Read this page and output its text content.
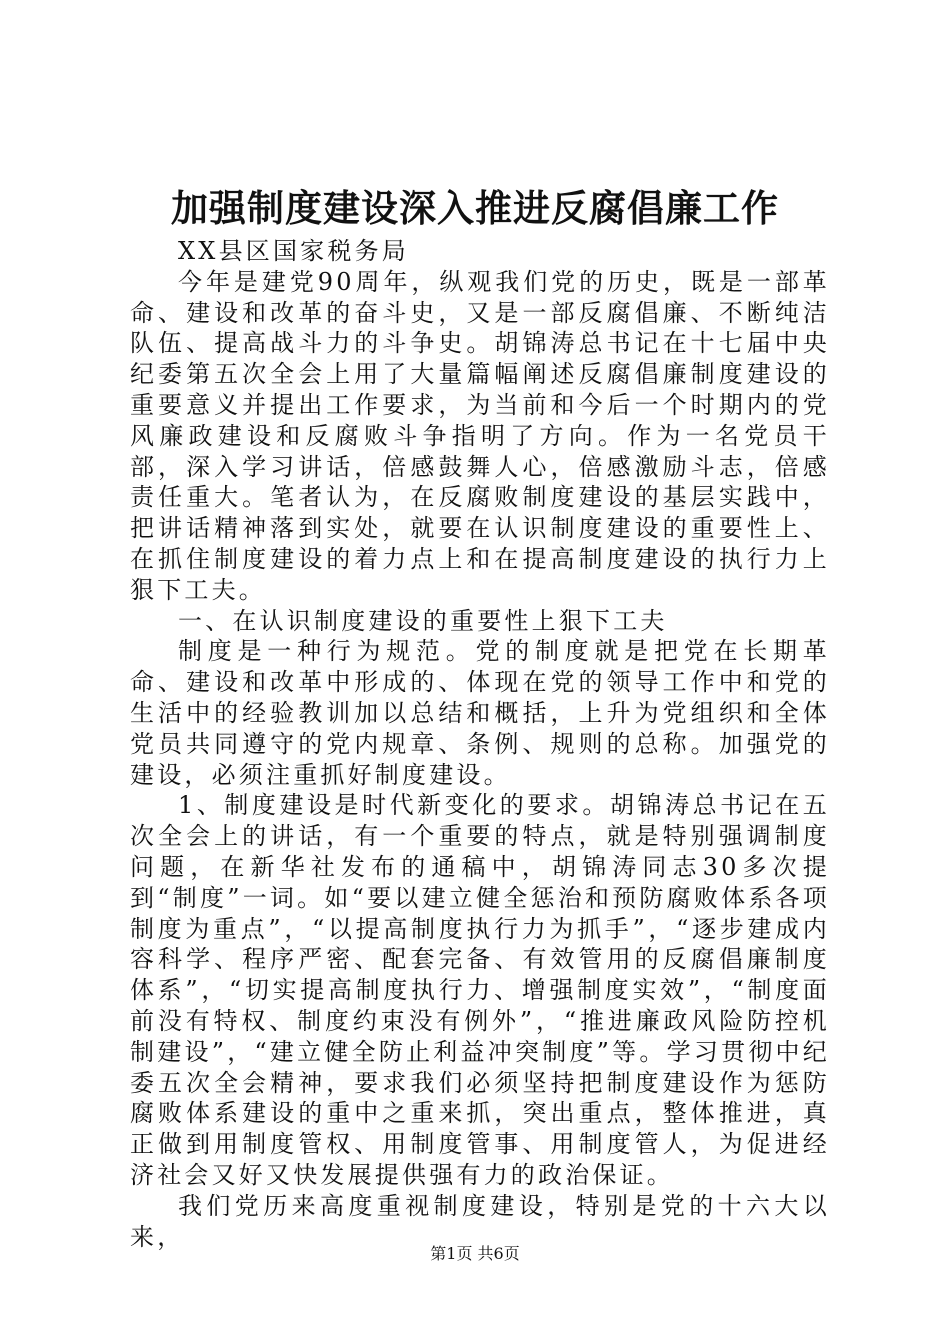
加强制度建设深入推进反腐倡廉工作

XX县区国家税务局

今年是建党90周年，纵观我们党的历史，既是一部革命、建设和改革的奋斗史，又是一部反腐倡廉、不断纯洁队伍、提高战斗力的斗争史。胡锦涛总书记在十七届中央纪委第五次全会上用了大量篇幅阐述反腐倡廉制度建设的重要意义并提出工作要求，为当前和今后一个时期内的党风廉政建设和反腐败斗争指明了方向。作为一名党员干部，深入学习讲话，倍感鼓舞人心，倍感激励斗志，倍感责任重大。笔者认为，在反腐败制度建设的基层实践中，把讲话精神落到实处，就要在认识制度建设的重要性上、在抓住制度建设的着力点上和在提高制度建设的执行力上狠下工夫。

一、在认识制度建设的重要性上狠下工夫

制度是一种行为规范。党的制度就是把党在长期革命、建设和改革中形成的、体现在党的领导工作中和党的生活中的经验教训加以总结和概括，上升为党组织和全体党员共同遵守的党内规章、条例、规则的总称。加强党的建设，必须注重抓好制度建设。

1、制度建设是时代新变化的要求。胡锦涛总书记在五次全会上的讲话，有一个重要的特点，就是特别强调制度问题，在新华社发布的通稿中，胡锦涛同志30多次提到“制度”一词。如“要以建立健全惩治和预防腐败体系各项制度为重点”，“以提高制度执行力为抓手”，“逐步建成内容科学、程序严密、配套完备、有效管用的反腐倡廉制度体系”，“切实提高制度执行力、增强制度实效”，“制度面前没有特权、制度约束没有例外”，“推进廉政风险防控机制建设”，“建立健全防止利益冲突制度”等。学习贯彻中纪委五次全会精神，要求我们必须坚持把制度建设作为惩防腐败体系建设的重中之重来抓，突出重点，整体推进，真正做到用制度管权、用制度管事、用制度管人，为促进经济社会又好又快发展提供强有力的政治保证。

我们党历来高度重视制度建设，特别是党的十六大以来，

第1页 共6页
